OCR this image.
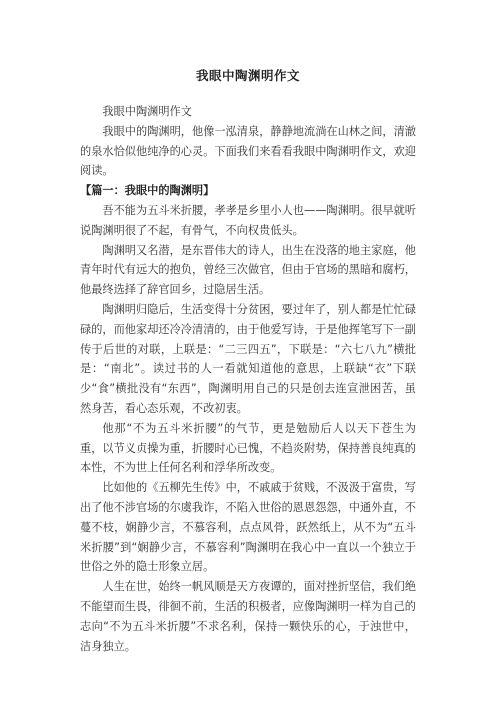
我眼中陶渊明作文

我眼中陶渊明作文

我眼中的陶渊明，他像一泓清泉，静静地流淌在山林之间，清澈的泉水恰似他纯净的心灵。下面我们来看看我眼中陶渊明作文，欢迎阅读。

【篇一：我眼中的陶渊明】

吾不能为五斗米折腰，孝孝是乡里小人也——陶渊明。很早就听说陶渊明很了不起，有骨气，不向权贵低头。

陶渊明又名潜，是东晋伟大的诗人，出生在没落的地主家庭，他青年时代有远大的抱负，曾经三次做官，但由于官场的黑暗和腐朽，他最终选择了辞官回乡，过隐居生活。

陶渊明归隐后，生活变得十分贫困，要过年了，别人都是忙忙碌碌的，而他家却还冷冷清清的，由于他爱写诗，于是他挥笔写下一副传于后世的对联，上联是：“二三四五”，下联是：“六七八九”横批是：“南北”。读过书的人一看就知道他的意思，上联缺“衣”下联少“食”横批没有“东西”，陶渊明用自己的只是创去连宣泄困苦，虽然身苦，看心态乐观，不改初衷。

他那“不为五斗米折腰”的气节，更是勉励后人以天下苍生为重，以节义贞操为重，折腰时心已愧，不趋炎附势，保持善良纯真的本性，不为世上任何名利和浮华所改变。

比如他的《五柳先生传》中，不戚戚于贫贱，不汲汲于富贵，写出了他不涉官场的尔虞我诈，不陷入世俗的恩恩怨怨，中通外直，不蔓不枝，娴静少言，不慕容利，点点风骨，跃然纸上，从不为“五斗米折腰”到“娴静少言，不慕容利”陶渊明在我心中一直以一个独立于世俗之外的隐士形象立居。

人生在世，始终一帆风顺是天方夜谭的，面对挫折坚信，我们绝不能望而生畏，徘徊不前，生活的积极者，应像陶渊明一样为自己的志向“不为五斗米折腰”不求名利，保持一颗快乐的心，于浊世中，洁身独立。
